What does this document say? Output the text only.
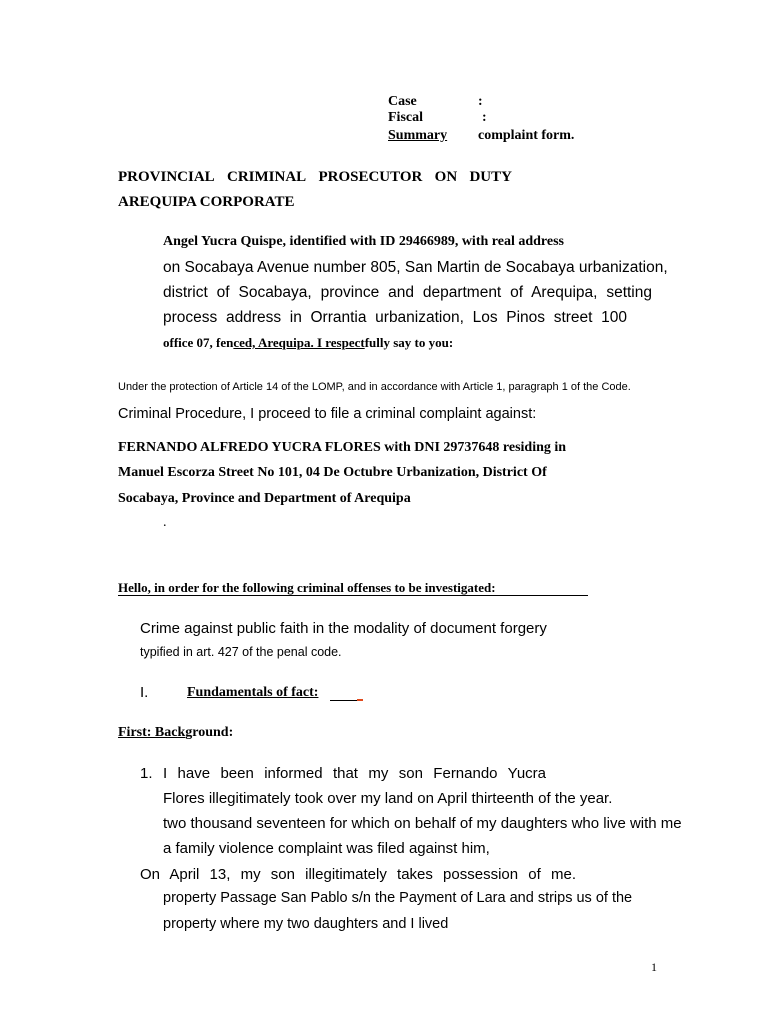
Case	:
Fiscal	:
Summary complaint form.
PROVINCIAL CRIMINAL PROSECUTOR ON DUTY
AREQUIPA CORPORATE
Angel Yucra Quispe, identified with ID 29466989, with real address
on Socabaya Avenue number 805, San Martin de Socabaya urbanization,
district of Socabaya, province and department of Arequipa, setting
process address in Orrantia urbanization, Los Pinos street 100
office 07, fenced, Arequipa. I respectfully say to you:
Under the protection of Article 14 of the LOMP, and in accordance with Article 1, paragraph 1 of the Code.
Criminal Procedure, I proceed to file a criminal complaint against:
FERNANDO ALFREDO YUCRA FLORES with DNI 29737648 residing in
Manuel Escorza Street No 101, 04 De Octubre Urbanization, District Of
Socabaya, Province and Department of Arequipa
.
Hello, in order for the following criminal offenses to be investigated:
Crime against public faith in the modality of document forgery
typified in art. 427 of the penal code.
I.	Fundamentals of fact:
First: Background:
1. I have been informed that my son Fernando Yucra
Flores illegitimately took over my land on April thirteenth of the year.
two thousand seventeen for which on behalf of my daughters who live with me
a family violence complaint was filed against him,
On April 13, my son illegitimately takes possession of me.
property Passage San Pablo s/n the Payment of Lara and strips us of the
property where my two daughters and I lived
1
